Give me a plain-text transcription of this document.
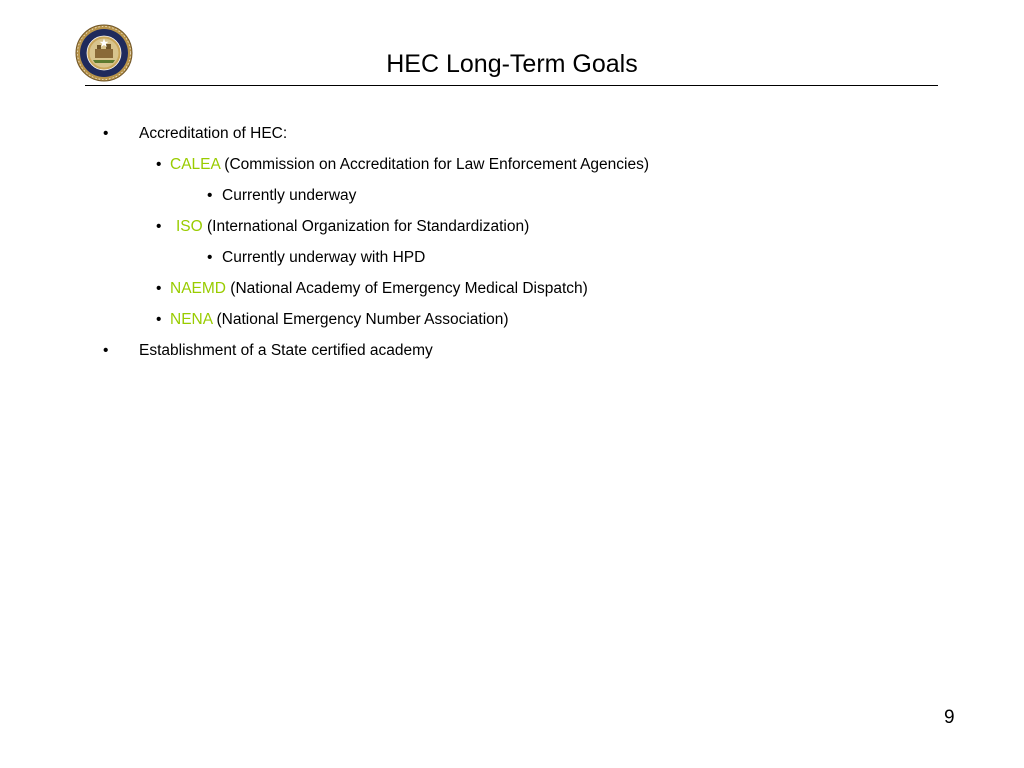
HEC Long-Term Goals
• Accreditation of HEC:
• CALEA (Commission on Accreditation for Law Enforcement Agencies)
• Currently underway
• ISO (International Organization for Standardization)
• Currently underway with HPD
• NAEMD (National Academy of Emergency Medical Dispatch)
• NENA (National Emergency Number Association)
• Establishment of a State certified academy
9
